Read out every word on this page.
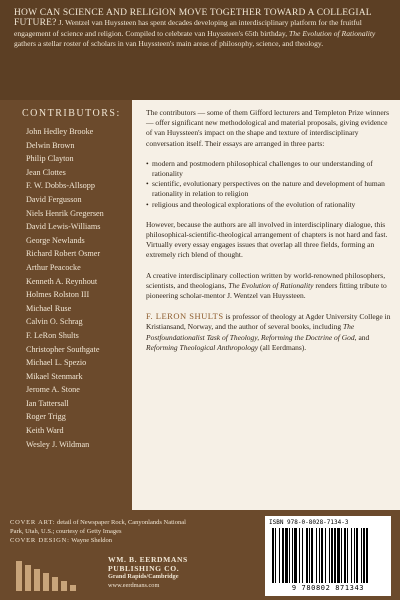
HOW CAN SCIENCE AND RELIGION MOVE TOGETHER TOWARD A COLLEGIAL FUTURE? J. Wentzel van Huyssteen has spent decades developing an interdisciplinary platform for the fruitful engagement of science and religion. Compiled to celebrate van Huyssteen's 65th birthday, The Evolution of Rationality gathers a stellar roster of scholars in van Huyssteen's main areas of philosophy, science, and theology.
CONTRIBUTORS:
John Hedley Brooke
Delwin Brown
Philip Clayton
Jean Clottes
F. W. Dobbs-Allsopp
David Fergusson
Niels Henrik Gregersen
David Lewis-Williams
George Newlands
Richard Robert Osmer
Arthur Peacocke
Kenneth A. Reynhout
Holmes Rolston III
Michael Ruse
Calvin O. Schrag
F. LeRon Shults
Christopher Southgate
Michael L. Spezio
Mikael Stenmark
Jerome A. Stone
Ian Tattersall
Roger Trigg
Keith Ward
Wesley J. Wildman

The contributors — some of them Gifford lecturers and Templeton Prize winners — offer significant new methodological and material proposals, giving evidence of van Huyssteen's impact on the shape and texture of interdisciplinary conversation itself. Their essays are arranged in three parts:

• modern and postmodern philosophical challenges to our understanding of rationality
• scientific, evolutionary perspectives on the nature and development of human rationality in relation to religion
• religious and theological explorations of the evolution of rationality

However, because the authors are all involved in interdisciplinary dialogue, this philosophical-scientific-theological arrangement of chapters is not hard and fast. Virtually every essay engages issues that overlap all three fields, forming an extremely rich blend of thought.

A creative interdisciplinary collection written by world-renowned philosophers, scientists, and theologians, The Evolution of Rationality renders fitting tribute to pioneering scholar-mentor J. Wentzel van Huyssteen.

F. LERON SHULTS is professor of theology at Agder University College in Kristiansand, Norway, and the author of several books, including The Postfoundationalist Task of Theology, Reforming the Doctrine of God, and Reforming Theological Anthropology (all Eerdmans).

COVER ART: detail of Newspaper Rock, Canyonlands National Park, Utah, U.S.; courtesy of Getty Images
COVER DESIGN: Wayne Sheldon
WM. B. EERDMANS
PUBLISHING CO.
Grand Rapids/Cambridge
www.eerdmans.com
ISBN 978-0-8028-7134-3
9 780802 871343
